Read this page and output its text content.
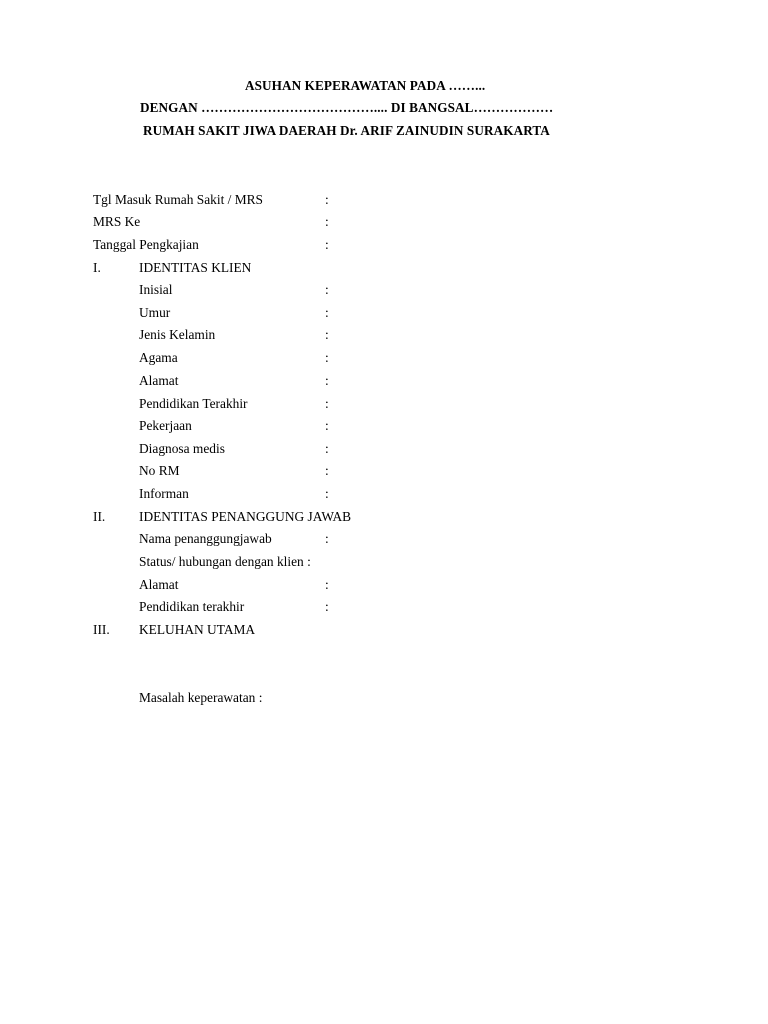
ASUHAN KEPERAWATAN PADA ……...
DENGAN ………………………………….... DI BANGSAL………………
RUMAH SAKIT JIWA DAERAH Dr. ARIF ZAINUDIN SURAKARTA
Tgl Masuk Rumah Sakit / MRS	:
MRS Ke	:
Tanggal Pengkajian	:
I.	IDENTITAS KLIEN
Inisial	:
Umur	:
Jenis Kelamin	:
Agama	:
Alamat	:
Pendidikan Terakhir	:
Pekerjaan	:
Diagnosa medis	:
No RM	:
Informan	:
II.	IDENTITAS PENANGGUNG JAWAB
Nama penanggungjawab	:
Status/ hubungan dengan klien :
Alamat	:
Pendidikan terakhir	:
III. KELUHAN UTAMA
Masalah keperawatan :
